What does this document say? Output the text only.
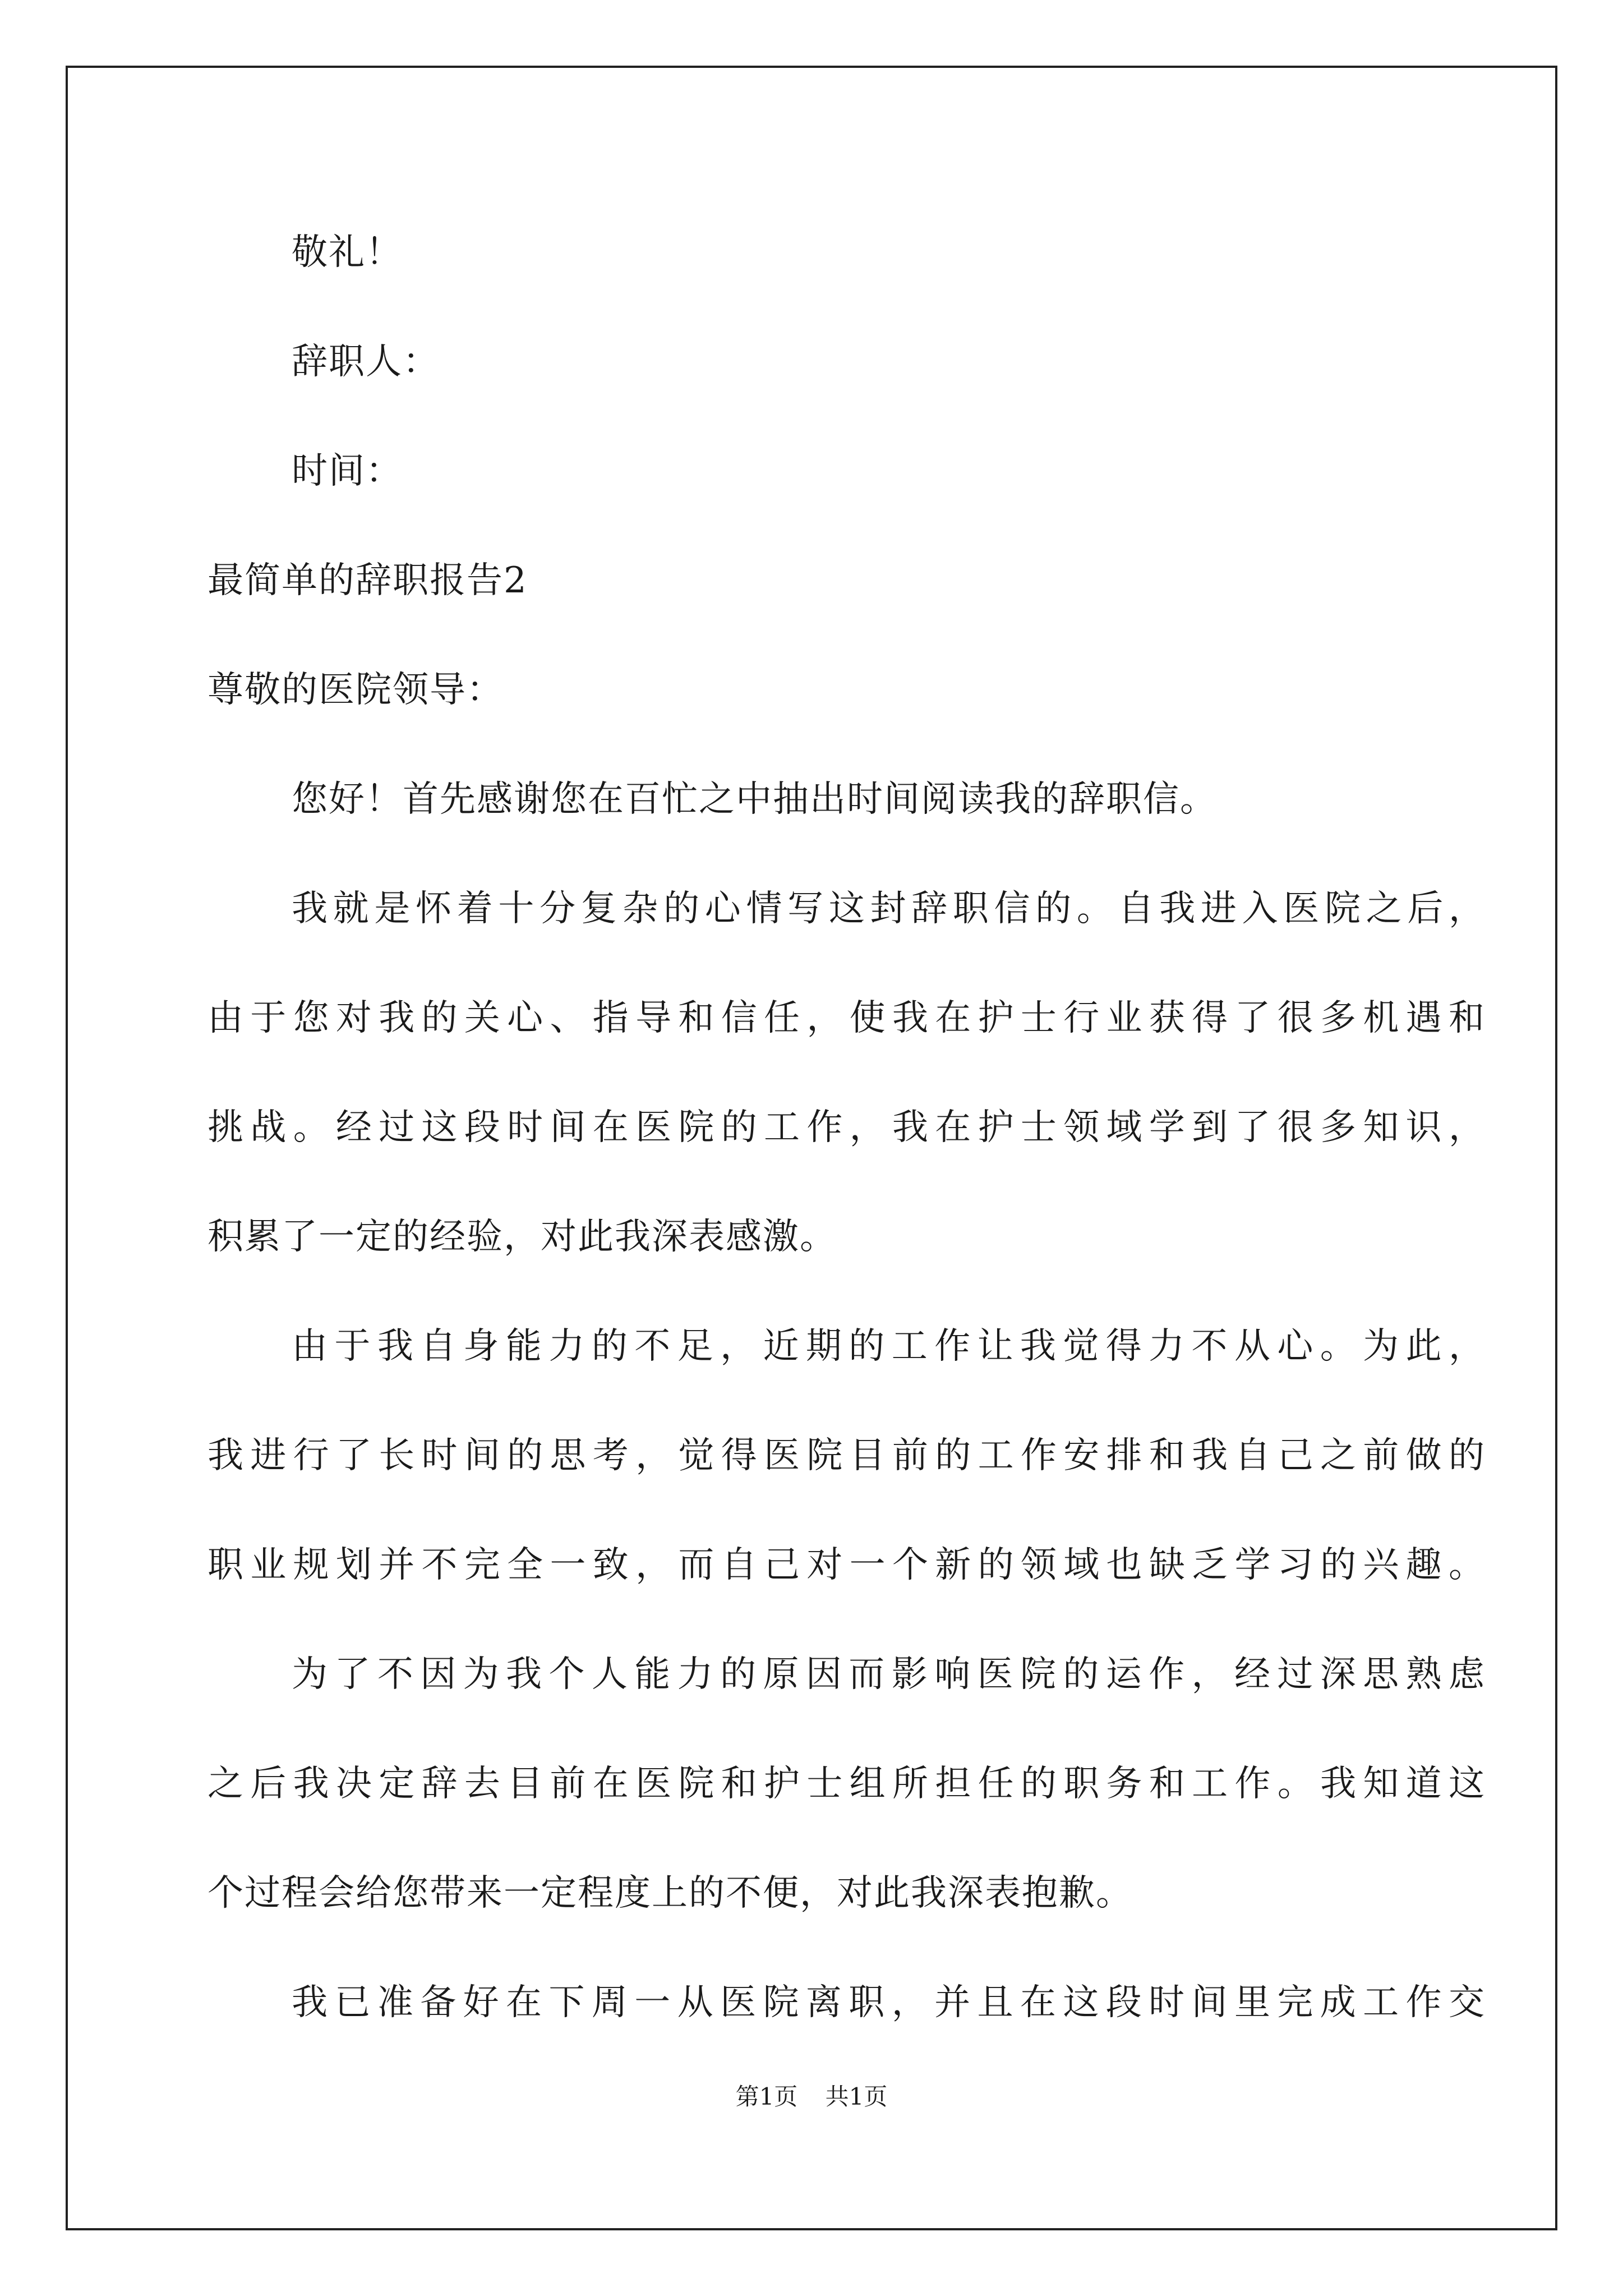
敬礼！
辞职人：
时间：
最简单的辞职报告2
尊敬的医院领导：
您好！首先感谢您在百忙之中抽出时间阅读我的辞职信。
我就是怀着十分复杂的心情写这封辞职信的。自我进入医院之后，
由于您对我的关心、指导和信任，使我在护士行业获得了很多机遇和
挑战。经过这段时间在医院的工作，我在护士领域学到了很多知识，
积累了一定的经验，对此我深表感激。
由于我自身能力的不足，近期的工作让我觉得力不从心。为此，
我进行了长时间的思考，觉得医院目前的工作安排和我自己之前做的
职业规划并不完全一致，而自己对一个新的领域也缺乏学习的兴趣。
为了不因为我个人能力的原因而影响医院的运作，经过深思熟虑
之后我决定辞去目前在医院和护士组所担任的职务和工作。我知道这
个过程会给您带来一定程度上的不便，对此我深表抱歉。
我已准备好在下周一从医院离职，并且在这段时间里完成工作交
第1页 共1页
